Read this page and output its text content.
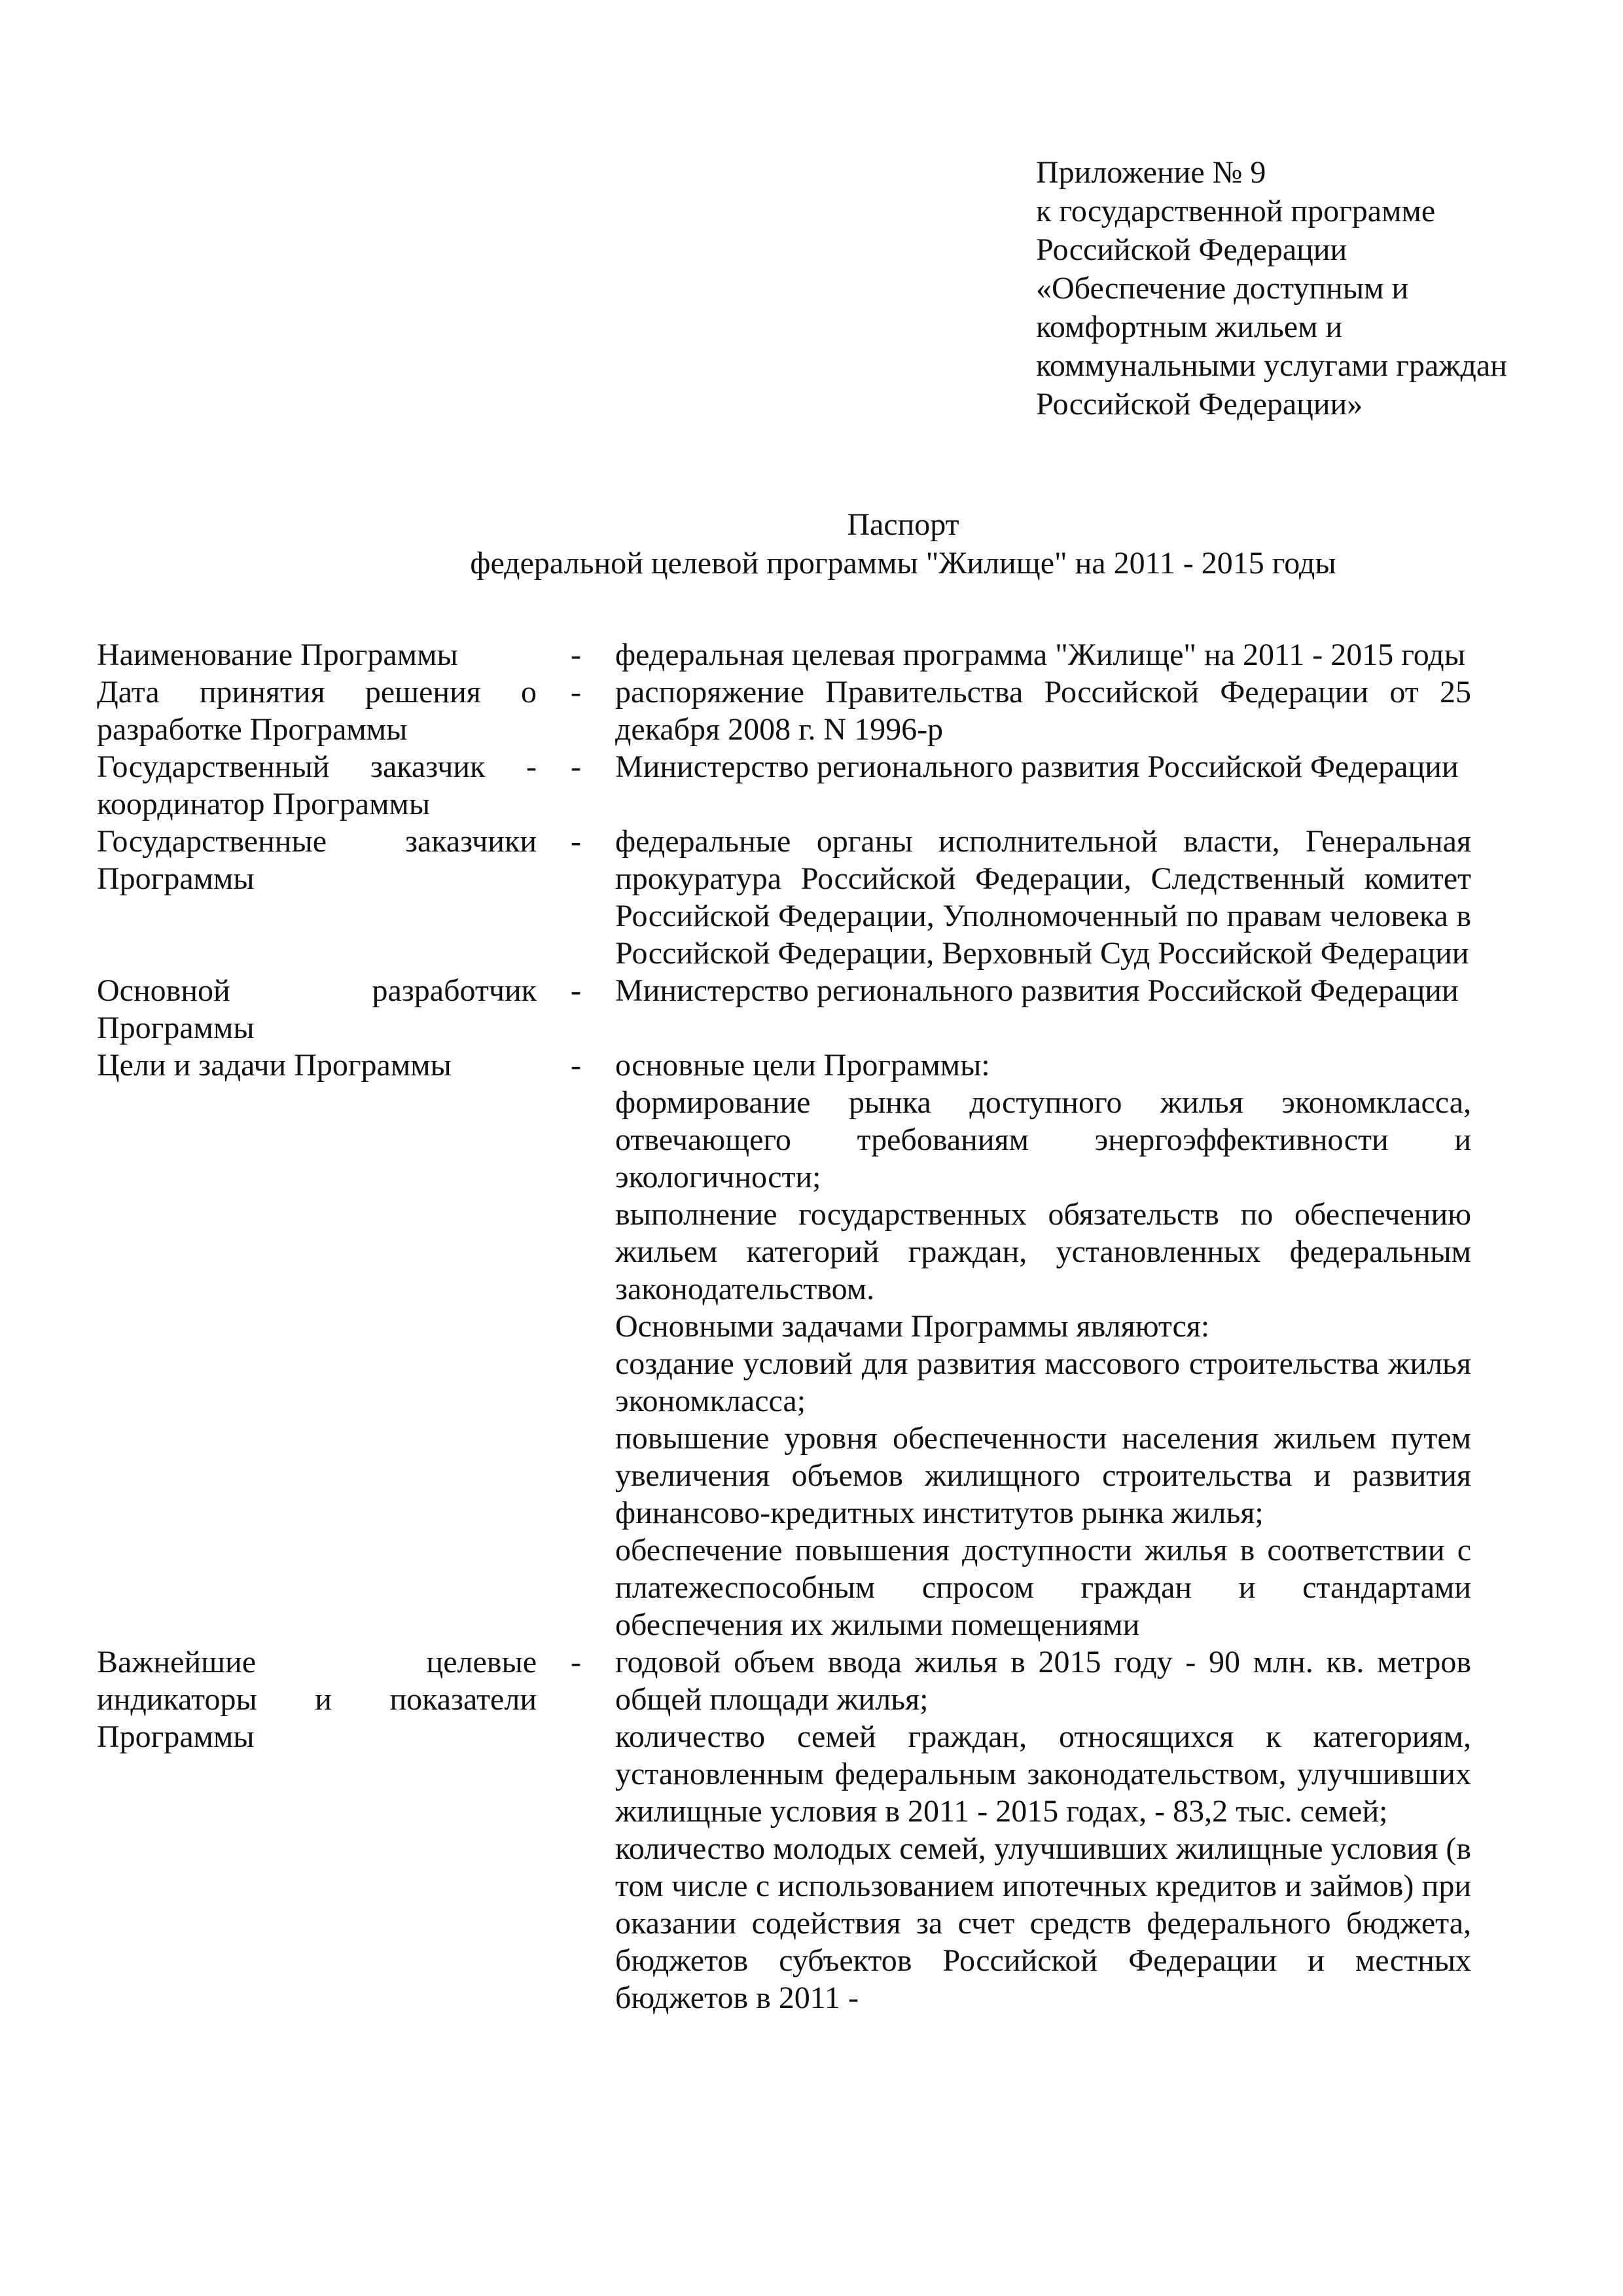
Приложение № 9
к государственной программе
Российской Федерации
«Обеспечение доступным и
комфортным жильем и
коммунальными услугами граждан
Российской Федерации»
Паспорт
федеральной целевой программы "Жилище" на 2011 - 2015 годы
Наименование Программы	-	федеральная целевая программа "Жилище" на 2011 - 2015 годы

Дата принятия решения о разработке Программы
-	распоряжение Правительства Российской Федерации от 25 декабря 2008 г. N 1996-р

Государственный заказчик - координатор Программы
-	Министерство регионального развития Российской Федерации

Государственные заказчики Программы
-	федеральные органы исполнительной власти, Генеральная прокуратура Российской Федерации, Следственный комитет Российской Федерации, Уполномоченный по правам человека в Российской Федерации, Верховный Суд Российской Федерации

Основной разработчик Программы
-	Министерство регионального развития Российской Федерации

Цели и задачи Программы	-	основные цели Программы:

формирование рынка доступного жилья экономкласса, отвечающего требованиям энергоэффективности и экологичности;

выполнение государственных обязательств по обеспечению жильем категорий граждан, установленных федеральным законодательством.

Основными задачами Программы являются:

создание условий для развития массового строительства жилья экономкласса;

повышение уровня обеспеченности населения жильем путем увеличения объемов жилищного строительства и развития финансово-кредитных институтов рынка жилья;

обеспечение повышения доступности жилья в соответствии с платежеспособным спросом граждан и стандартами обеспечения их жилыми помещениями

Важнейшие целевые индикаторы и показатели Программы
-	годовой объем ввода жилья в 2015 году - 90 млн. кв. метров общей площади жилья;

количество семей граждан, относящихся к категориям, установленным федеральным законодательством, улучшивших жилищные условия в 2011 - 2015 годах, - 83,2 тыс. семей;

количество молодых семей, улучшивших жилищные условия (в том числе с использованием ипотечных кредитов и займов) при оказании содействия за счет средств федерального бюджета, бюджетов субъектов Российской Федерации и местных бюджетов в 2011 -
